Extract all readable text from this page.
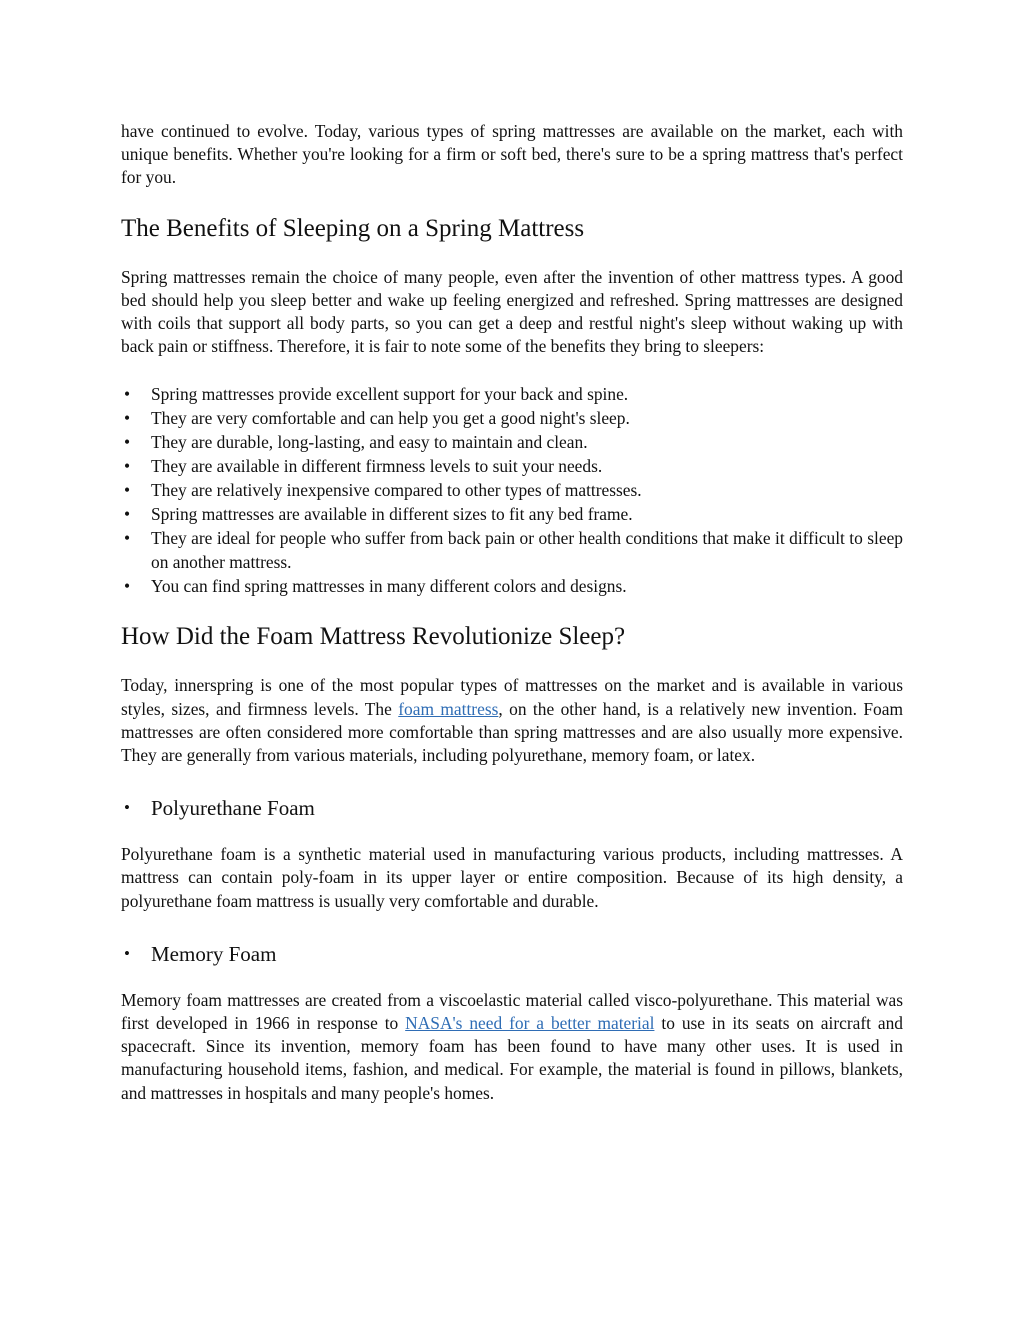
have continued to evolve. Today, various types of spring mattresses are available on the market, each with unique benefits. Whether you're looking for a firm or soft bed, there's sure to be a spring mattress that's perfect for you.

The Benefits of Sleeping on a Spring Mattress

Spring mattresses remain the choice of many people, even after the invention of other mattress types. A good bed should help you sleep better and wake up feeling energized and refreshed. Spring mattresses are designed with coils that support all body parts, so you can get a deep and restful night's sleep without waking up with back pain or stiffness. Therefore, it is fair to note some of the benefits they bring to sleepers:

• Spring mattresses provide excellent support for your back and spine.
• They are very comfortable and can help you get a good night's sleep.
• They are durable, long-lasting, and easy to maintain and clean.
• They are available in different firmness levels to suit your needs.
• They are relatively inexpensive compared to other types of mattresses.
• Spring mattresses are available in different sizes to fit any bed frame.
• They are ideal for people who suffer from back pain or other health conditions that make it difficult to sleep on another mattress.
• You can find spring mattresses in many different colors and designs.
How Did the Foam Mattress Revolutionize Sleep?

Today, innerspring is one of the most popular types of mattresses on the market and is available in various styles, sizes, and firmness levels. The foam mattress, on the other hand, is a relatively new invention. Foam mattresses are often considered more comfortable than spring mattresses and are also usually more expensive. They are generally from various materials, including polyurethane, memory foam, or latex.

• Polyurethane Foam

Polyurethane foam is a synthetic material used in manufacturing various products, including mattresses. A mattress can contain poly-foam in its upper layer or entire composition. Because of its high density, a polyurethane foam mattress is usually very comfortable and durable.

• Memory Foam

Memory foam mattresses are created from a viscoelastic material called visco-polyurethane. This material was first developed in 1966 in response to NASA's need for a better material to use in its seats on aircraft and spacecraft. Since its invention, memory foam has been found to have many other uses. It is used in manufacturing household items, fashion, and medical. For example, the material is found in pillows, blankets, and mattresses in hospitals and many people's homes.
